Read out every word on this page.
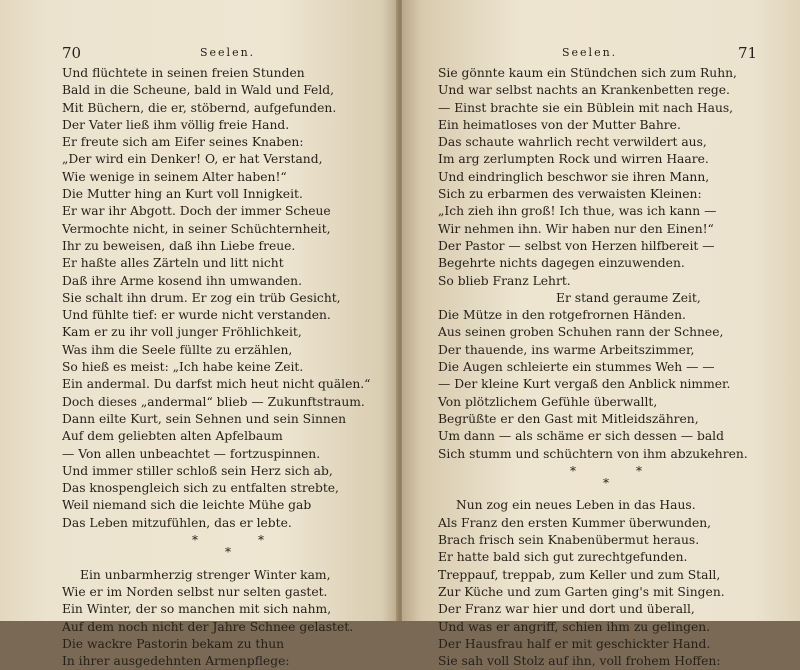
70	Seelen.
Und flüchtete in seinen freien Stunden
Bald in die Scheune, bald in Wald und Feld,
Mit Büchern, die er, stöbernd, aufgefunden.
Der Vater ließ ihm völlig freie Hand.
Er freute sich am Eifer seines Knaben:
„Der wird ein Denker! O, er hat Verstand,
Wie wenige in seinem Alter haben!“
Die Mutter hing an Kurt voll Innigkeit.
Er war ihr Abgott. Doch der immer Scheue
Vermochte nicht, in seiner Schüchternheit,
Ihr zu beweisen, daß ihn Liebe freue.
Er haßte alles Zärteln und litt nicht
Daß ihre Arme kosend ihn umwanden.
Sie schalt ihn drum. Er zog ein trüb Gesicht,
Und fühlte tief: er wurde nicht verstanden.
Kam er zu ihr voll junger Fröhlichkeit,
Was ihm die Seele füllte zu erzählen,
So hieß es meist: „Ich habe keine Zeit.
Ein andermal. Du darfst mich heut nicht quälen.“
Doch dieses „andermal“ blieb — Zukunftstraum.
Dann eilte Kurt, sein Sehnen und sein Sinnen
Auf dem geliebten alten Apfelbaum
— Von allen unbeachtet — fortzuspinnen.
Und immer stiller schloß sein Herz sich ab,
Das knospengleich sich zu entfalten strebte,
Weil niemand sich die leichte Mühe gab
Das Leben mitzufühlen, das er lebte.
*	*
*
Ein unbarmherzig strenger Winter kam,
Wie er im Norden selbst nur selten gastet.
Ein Winter, der so manchen mit sich nahm,
Auf dem noch nicht der Jahre Schnee gelastet.
Die wackre Pastorin bekam zu thun
In ihrer ausgedehnten Armenpflege:
Seelen.	71
Sie gönnte kaum ein Stündchen sich zum Ruhn,
Und war selbst nachts an Krankenbetten rege.
— Einst brachte sie ein Büblein mit nach Haus,
Ein heimatloses von der Mutter Bahre.
Das schaute wahrlich recht verwildert aus,
Im arg zerlumpten Rock und wirren Haare.
Und eindringlich beschwor sie ihren Mann,
Sich zu erbarmen des verwaisten Kleinen:
„Ich zieh ihn groß! Ich thue, was ich kann —
Wir nehmen ihn. Wir haben nur den Einen!“
Der Pastor — selbst von Herzen hilfbereit —
Begehrte nichts dagegen einzuwenden.
So blieb Franz Lehrt.
Er stand geraume Zeit,
Die Mütze in den rotgefrornen Händen.
Aus seinen groben Schuhen rann der Schnee,
Der thauende, ins warme Arbeitszimmer,
Die Augen schleierte ein stummes Weh — —
— Der kleine Kurt vergaß den Anblick nimmer.
Von plötzlichem Gefühle überwallt,
Begrüßte er den Gast mit Mitleidszähren,
Um dann — als schäme er sich dessen — bald
Sich stumm und schüchtern von ihm abzukehren.
*	*
*
Nun zog ein neues Leben in das Haus.
Als Franz den ersten Kummer überwunden,
Brach frisch sein Knabenübermut heraus.
Er hatte bald sich gut zurechtgefunden.
Treppauf, treppab, zum Keller und zum Stall,
Zur Küche und zum Garten ging's mit Singen.
Der Franz war hier und dort und überall,
Und was er angriff, schien ihm zu gelingen.
Der Hausfrau half er mit geschickter Hand.
Sie sah voll Stolz auf ihn, voll frohem Hoffen:
